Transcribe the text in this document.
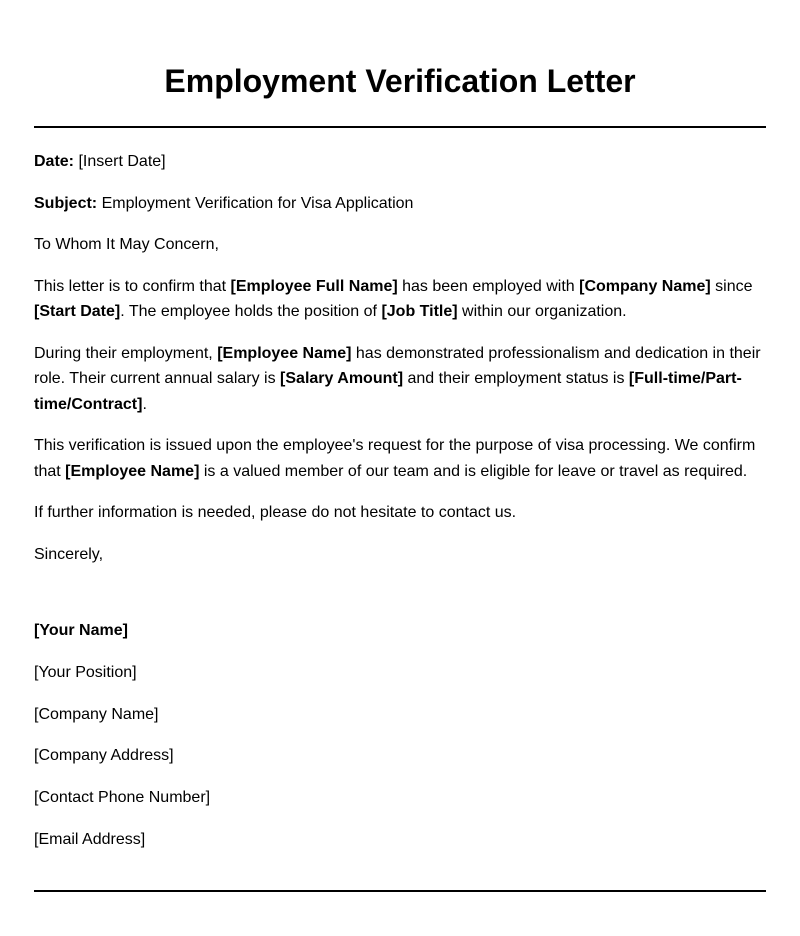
Employment Verification Letter

Date: [Insert Date]

Subject: Employment Verification for Visa Application

To Whom It May Concern,

This letter is to confirm that [Employee Full Name] has been employed with [Company Name] since [Start Date]. The employee holds the position of [Job Title] within our organization.

During their employment, [Employee Name] has demonstrated professionalism and dedication in their role. Their current annual salary is [Salary Amount] and their employment status is [Full-time/Part-time/Contract].

This verification is issued upon the employee's request for the purpose of visa processing. We confirm that [Employee Name] is a valued member of our team and is eligible for leave or travel as required.

If further information is needed, please do not hesitate to contact us.

Sincerely,

[Your Name]

[Your Position]

[Company Name]

[Company Address]

[Contact Phone Number]

[Email Address]
